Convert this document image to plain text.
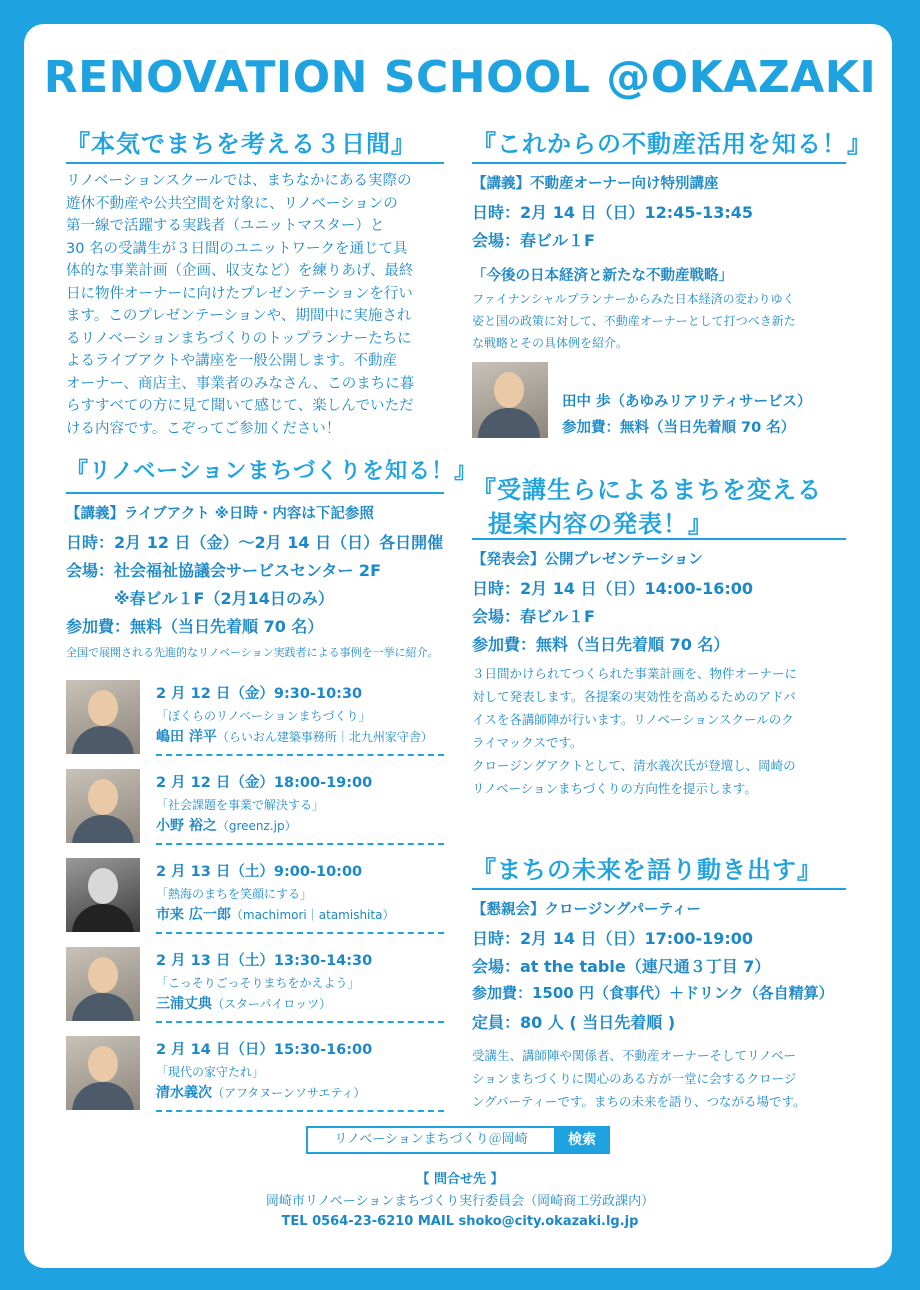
RENOVATION SCHOOL @OKAZAKI
『本気でまちを考える３日間』
リノベーションスクールでは、まちなかにある実際の
遊休不動産や公共空間を対象に、リノベーションの
第一線で活躍する実践者（ユニットマスター）と
30 名の受講生が３日間のユニットワークを通じて具
体的な事業計画（企画、収支など）を練りあげ、最終
日に物件オーナーに向けたプレゼンテーションを行い
ます。このプレゼンテーションや、期間中に実施され
るリノベーションまちづくりのトップランナーたちに
よるライブアクトや講座を一般公開します。不動産
オーナー、商店主、事業者のみなさん、このまちに暮
らすすべての方に見て聞いて感じて、楽しんでいただ
ける内容です。こぞってご参加ください！
『リノベーションまちづくりを知る！』
【講義】ライブアクト ※日時・内容は下記参照
日時：2月 12 日（金）～2月 14 日（日）各日開催
会場：社会福祉協議会サービスセンター 2F
　　　※春ビル１F（2月14日のみ）
参加費：無料（当日先着順 70 名）
全国で展開される先進的なリノベーション実践者による事例を一挙に紹介。
2 月 12 日（金）9:30-10:30
「ぼくらのリノベーションまちづくり」
嶋田 洋平（らいおん建築事務所｜北九州家守舎）
2 月 12 日（金）18:00-19:00
「社会課題を事業で解決する」
小野 裕之（greenz.jp）
2 月 13 日（土）9:00-10:00
「熱海のまちを笑顔にする」
市来 広一郎（machimori｜atamishita）
2 月 13 日（土）13:30-14:30
「こっそりごっそりまちをかえよう」
三浦丈典（スターパイロッツ）
2 月 14 日（日）15:30-16:00
「現代の家守たれ」
清水義次（アフタヌーンソサエティ）
『これからの不動産活用を知る！』
【講義】不動産オーナー向け特別講座
日時：2月 14 日（日）12:45-13:45
会場：春ビル１F
「今後の日本経済と新たな不動産戦略」
ファイナンシャルプランナーからみた日本経済の変わりゆく
姿と国の政策に対して、不動産オーナーとして打つべき新た
な戦略とその具体例を紹介。
田中 歩（あゆみリアリティサービス）
参加費：無料（当日先着順 70 名）
『受講生らによるまちを変える
提案内容の発表！』
【発表会】公開プレゼンテーション
日時：2月 14 日（日）14:00-16:00
会場：春ビル１F
参加費：無料（当日先着順 70 名）
３日間かけられてつくられた事業計画を、物件オーナーに
対して発表します。各提案の実効性を高めるためのアドバ
イスを各講師陣が行います。リノベーションスクールのク
ライマックスです。
クロージングアクトとして、清水義次氏が登壇し、岡崎の
リノベーションまちづくりの方向性を提示します。
『まちの未来を語り動き出す』
【懇親会】クロージングパーティー
日時：2月 14 日（日）17:00-19:00
会場：at the table（連尺通３丁目 7）
参加費：1500 円（食事代）＋ドリンク（各自精算）
定員：80 人 ( 当日先着順 )
受講生、講師陣や関係者、不動産オーナーそしてリノベー
ションまちづくりに関心のある方が一堂に会するクロージ
ングパーティーです。まちの未来を語り、つながる場です。
リノベーションまちづくり＠岡崎	検索
【 問合せ先 】
岡崎市リノベーションまちづくり実行委員会（岡崎商工労政課内）
TEL 0564-23-6210 MAIL shoko@city.okazaki.lg.jp
